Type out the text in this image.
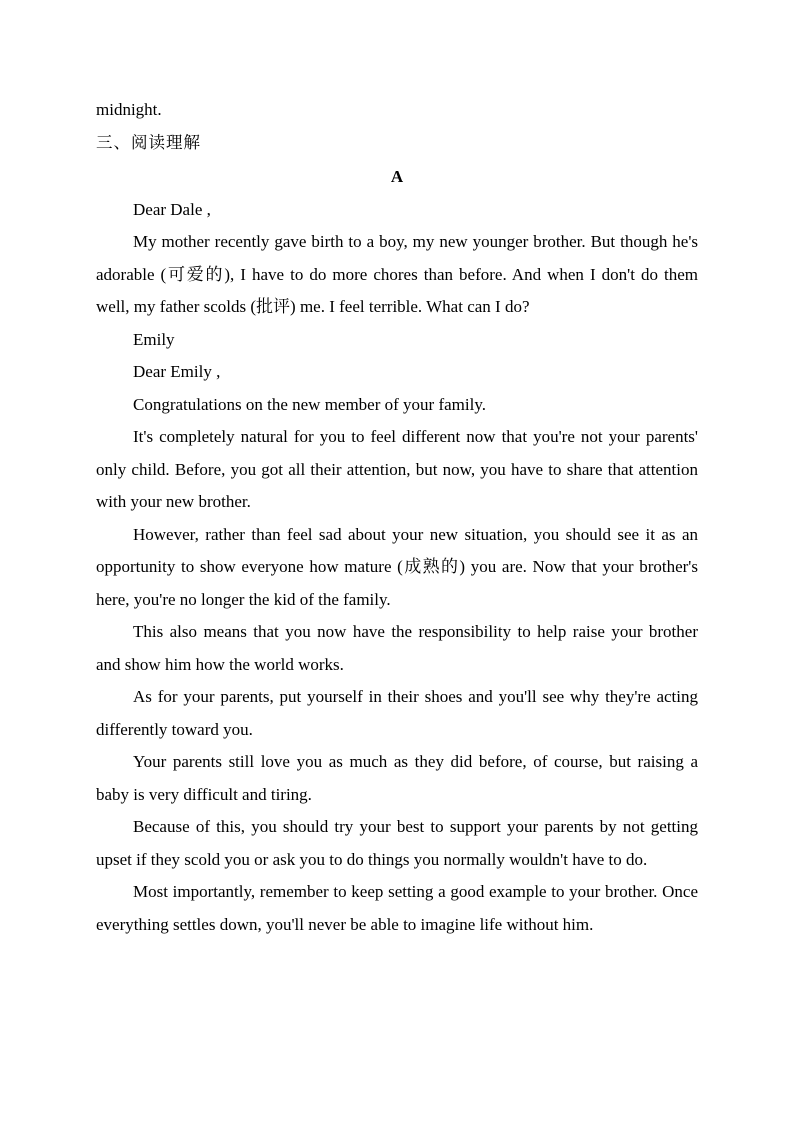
midnight.
三、阅读理解
A
Dear Dale ,
My mother recently gave birth to a boy, my new younger brother. But though he's adorable (可爱的), I have to do more chores than before. And when I don't do them well, my father scolds (批评) me. I feel terrible. What can I do?
Emily
Dear Emily ,
Congratulations on the new member of your family.
It's completely natural for you to feel different now that you're not your parents' only child. Before, you got all their attention, but now, you have to share that attention with your new brother.
However, rather than feel sad about your new situation, you should see it as an opportunity to show everyone how mature (成熟的) you are. Now that your brother's here, you're no longer the kid of the family.
This also means that you now have the responsibility to help raise your brother and show him how the world works.
As for your parents, put yourself in their shoes and you'll see why they're acting differently toward you.
Your parents still love you as much as they did before, of course, but raising a baby is very difficult and tiring.
Because of this, you should try your best to support your parents by not getting upset if they scold you or ask you to do things you normally wouldn't have to do.
Most importantly, remember to keep setting a good example to your brother. Once everything settles down, you'll never be able to imagine life without him.
